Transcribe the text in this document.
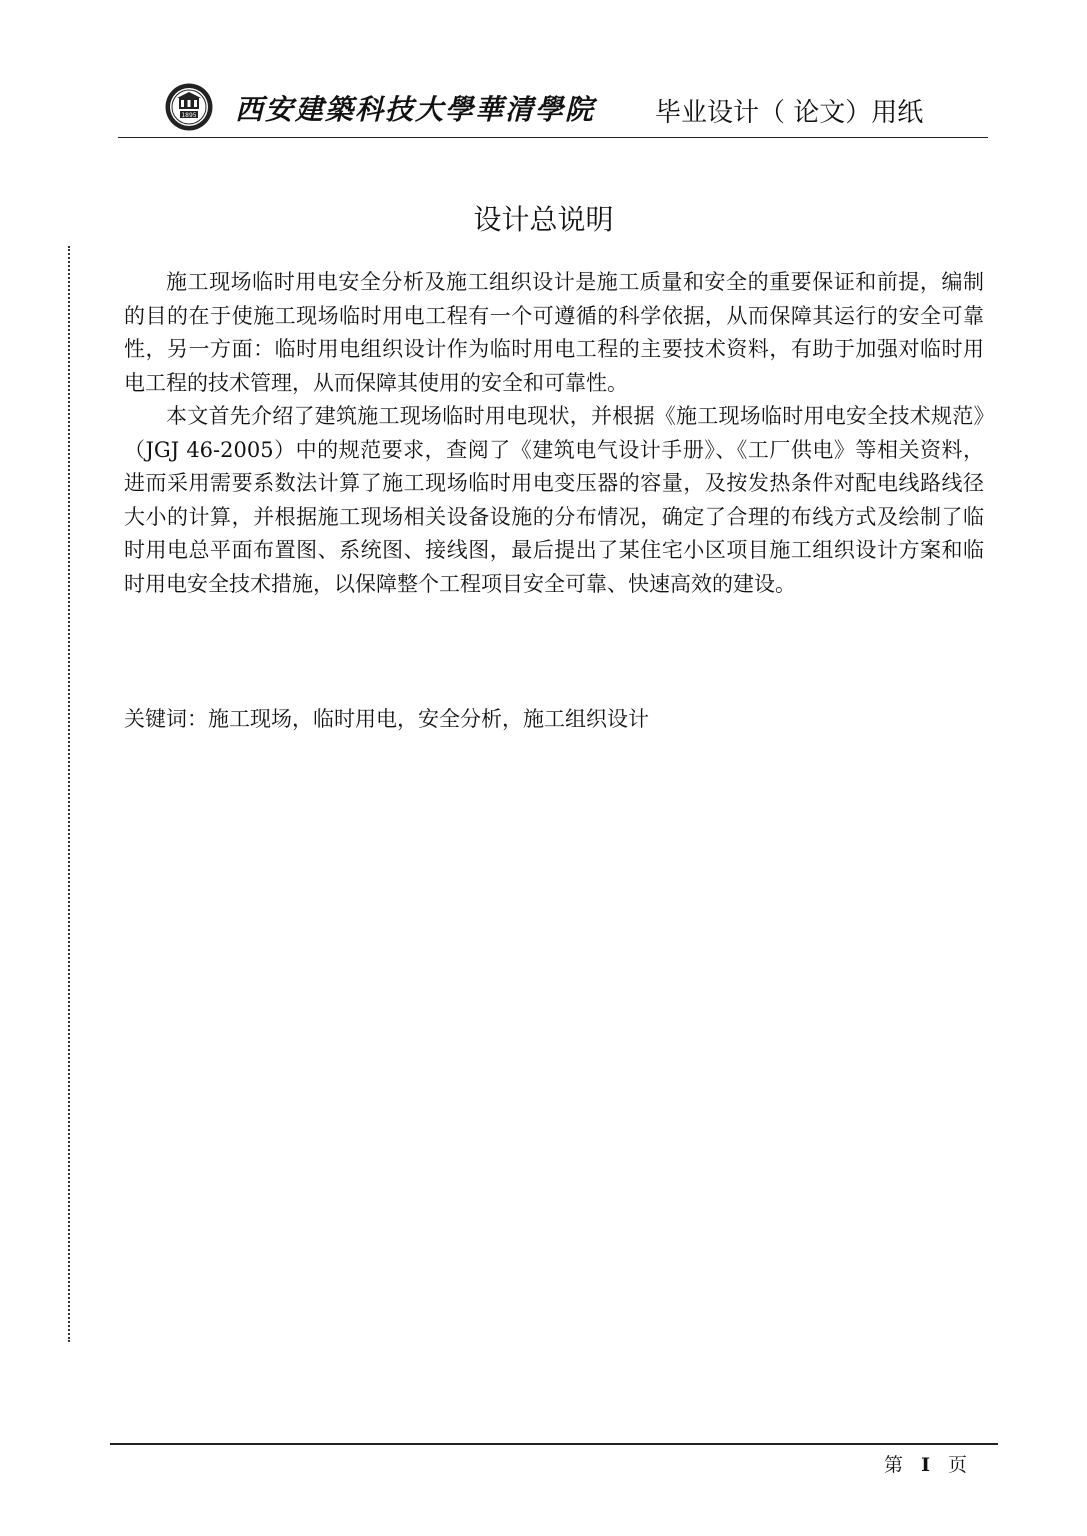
1895 西安建築科技大學華清學院 毕业设计（ 论文）用纸
设计总说明

施工现场临时用电安全分析及施工组织设计是施工质量和安全的重要保证和前提，编制的目的在于使施工现场临时用电工程有一个可遵循的科学依据，从而保障其运行的安全可靠性，另一方面：临时用电组织设计作为临时用电工程的主要技术资料，有助于加强对临时用电工程的技术管理，从而保障其使用的安全和可靠性。

本文首先介绍了建筑施工现场临时用电现状，并根据《施工现场临时用电安全技术规范》（JGJ 46-2005）中的规范要求，查阅了《建筑电气设计手册》、《工厂供电》等相关资料，进而采用需要系数法计算了施工现场临时用电变压器的容量，及按发热条件对配电线路线径大小的计算，并根据施工现场相关设备设施的分布情况，确定了合理的布线方式及绘制了临时用电总平面布置图、系统图、接线图，最后提出了某住宅小区项目施工组织设计方案和临时用电安全技术措施，以保障整个工程项目安全可靠、快速高效的建设。

关键词：施工现场，临时用电，安全分析，施工组织设计
第 I 页
